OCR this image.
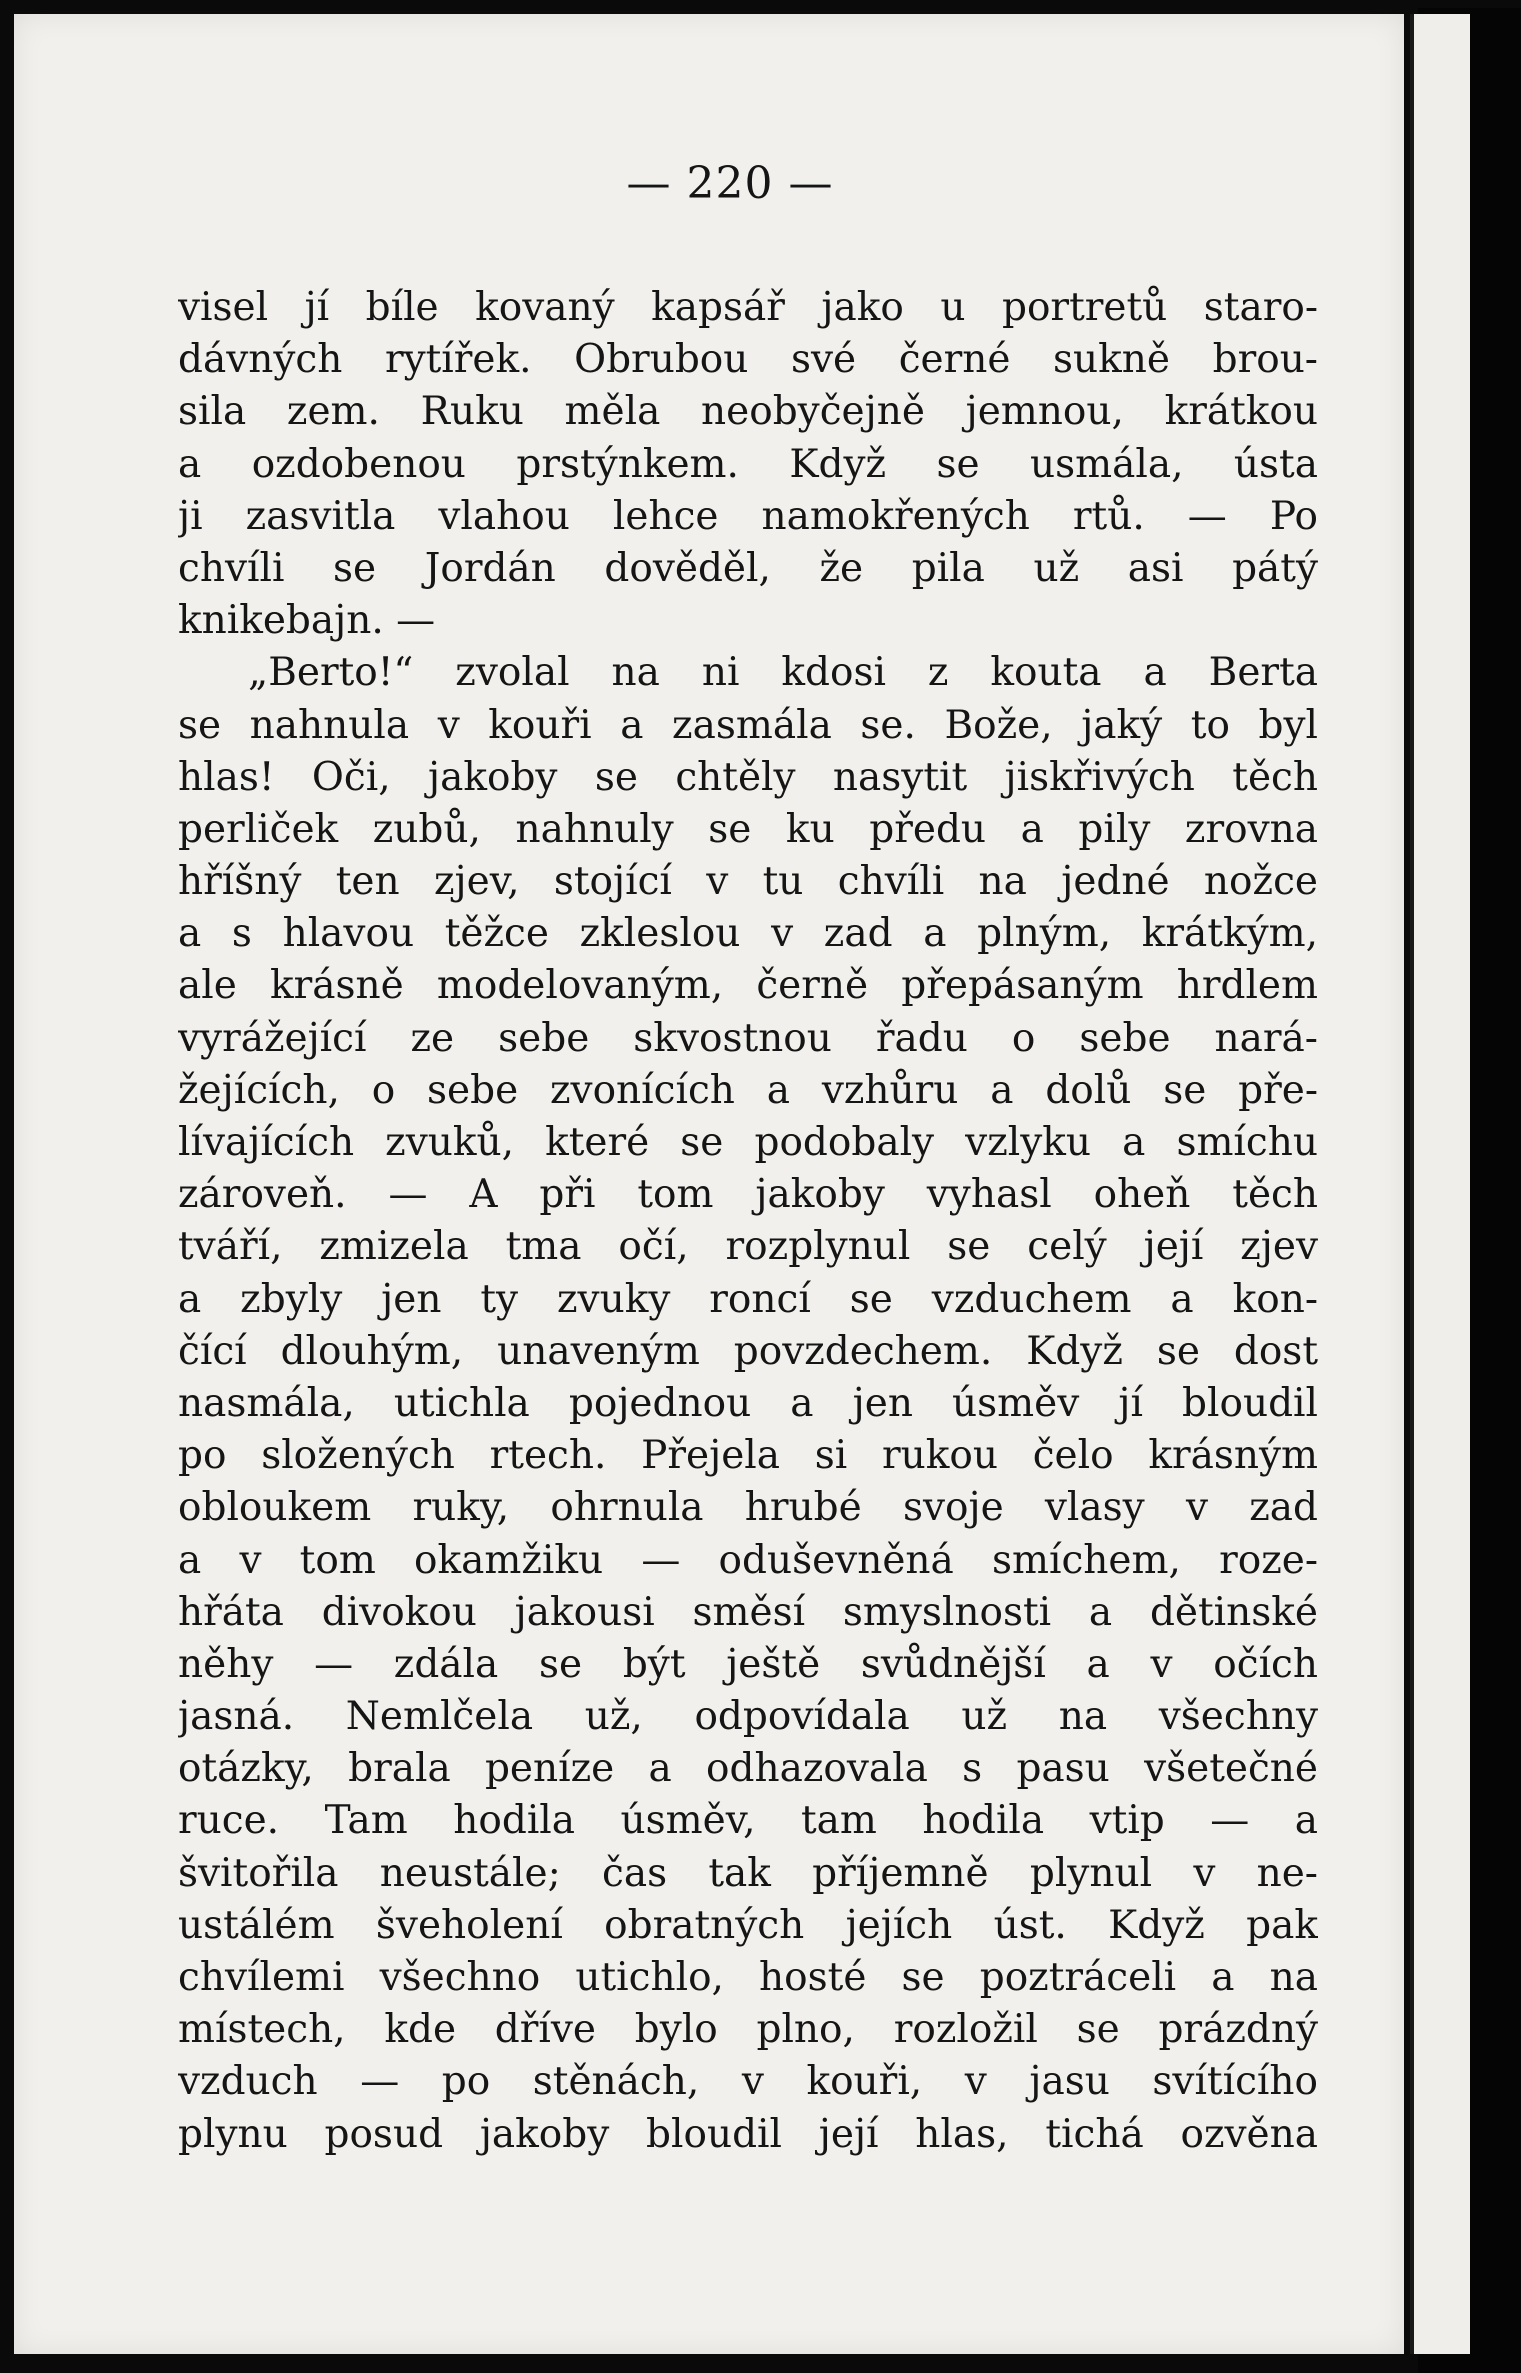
— 220 —
visel jí bíle kovaný kapsář jako u portretů staro-
dávných rytířek. Obrubou své černé sukně brou-
sila zem. Ruku měla neobyčejně jemnou, krátkou
a ozdobenou prstýnkem. Když se usmála, ústa
ji zasvitla vlahou lehce namokřených rtů. — Po
chvíli se Jordán dověděl, že pila už asi pátý
knikebajn. —
„Berto!“ zvolal na ni kdosi z kouta a Berta
se nahnula v kouři a zasmála se. Bože, jaký to byl
hlas! Oči, jakoby se chtěly nasytit jiskřivých těch
perliček zubů, nahnuly se ku předu a pily zrovna
hříšný ten zjev, stojící v tu chvíli na jedné nožce
a s hlavou těžce zkleslou v zad a plným, krátkým,
ale krásně modelovaným, černě přepásaným hrdlem
vyrážející ze sebe skvostnou řadu o sebe nará-
žejících, o sebe zvonících a vzhůru a dolů se pře-
lívajících zvuků, které se podobaly vzlyku a smíchu
zároveň. — A při tom jakoby vyhasl oheň těch
tváří, zmizela tma očí, rozplynul se celý její zjev
a zbyly jen ty zvuky roncí se vzduchem a kon-
čící dlouhým, unaveným povzdechem. Když se dost
nasmála, utichla pojednou a jen úsměv jí bloudil
po složených rtech. Přejela si rukou čelo krásným
obloukem ruky, ohrnula hrubé svoje vlasy v zad
a v tom okamžiku — oduševněná smíchem, roze-
hřáta divokou jakousi směsí smyslnosti a dětinské
něhy — zdála se být ještě svůdnější a v očích
jasná. Nemlčela už, odpovídala už na všechny
otázky, brala peníze a odhazovala s pasu všetečné
ruce. Tam hodila úsměv, tam hodila vtip — a
švitořila neustále; čas tak příjemně plynul v ne-
ustálém šveholení obratných jejích úst. Když pak
chvílemi všechno utichlo, hosté se poztráceli a na
místech, kde dříve bylo plno, rozložil se prázdný
vzduch — po stěnách, v kouři, v jasu svítícího
plynu posud jakoby bloudil její hlas, tichá ozvěna
